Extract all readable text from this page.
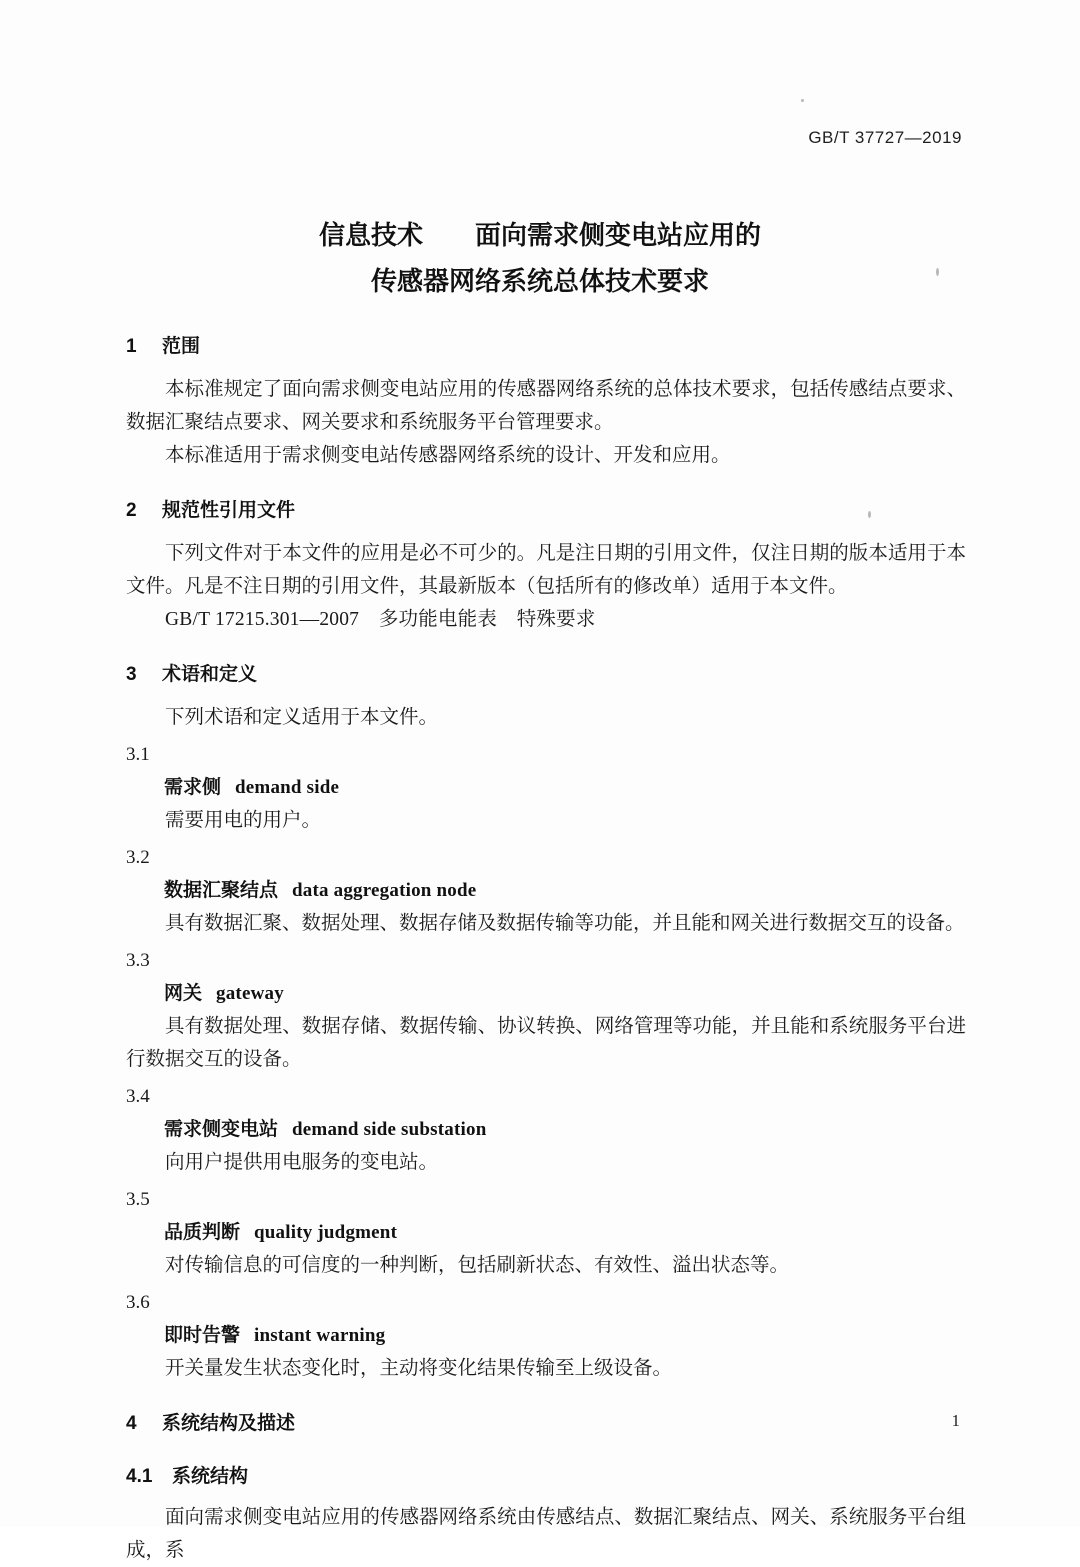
GB/T 37727—2019
信息技术　　面向需求侧变电站应用的
传感器网络系统总体技术要求
1 范围

本标准规定了面向需求侧变电站应用的传感器网络系统的总体技术要求，包括传感结点要求、数据汇聚结点要求、网关要求和系统服务平台管理要求。

本标准适用于需求侧变电站传感器网络系统的设计、开发和应用。

2 规范性引用文件

下列文件对于本文件的应用是必不可少的。凡是注日期的引用文件，仅注日期的版本适用于本文件。凡是不注日期的引用文件，其最新版本（包括所有的修改单）适用于本文件。

GB/T 17215.301—2007　多功能电能表　特殊要求

3 术语和定义

下列术语和定义适用于本文件。

3.1
需求侧 demand side

需要用电的用户。

3.2
数据汇聚结点 data aggregation node

具有数据汇聚、数据处理、数据存储及数据传输等功能，并且能和网关进行数据交互的设备。

3.3
网关 gateway

具有数据处理、数据存储、数据传输、协议转换、网络管理等功能，并且能和系统服务平台进行数据交互的设备。

3.4
需求侧变电站 demand side substation

向用户提供用电服务的变电站。

3.5
品质判断 quality judgment

对传输信息的可信度的一种判断，包括刷新状态、有效性、溢出状态等。

3.6
即时告警 instant warning

开关量发生状态变化时，主动将变化结果传输至上级设备。

4 系统结构及描述
4.1 系统结构

面向需求侧变电站应用的传感器网络系统由传感结点、数据汇聚结点、网关、系统服务平台组成，系

1
